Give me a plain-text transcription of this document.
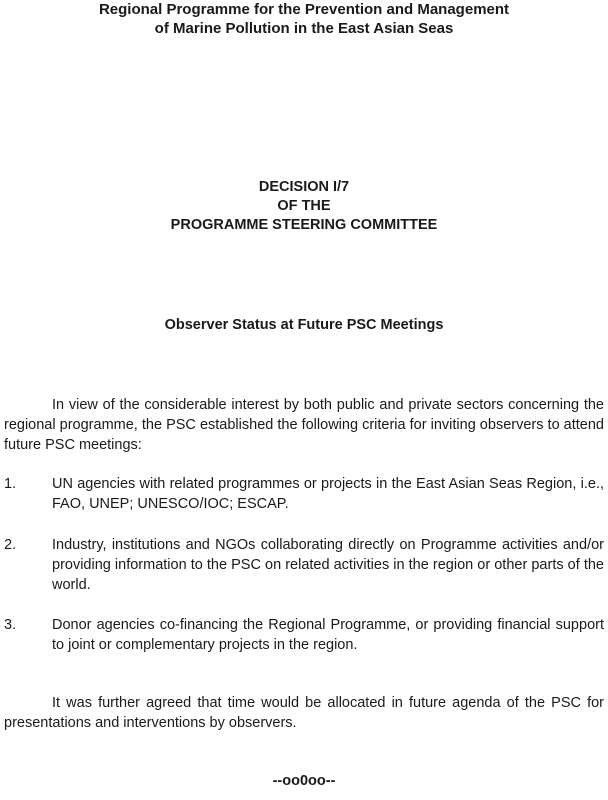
Regional Programme for the Prevention and Management
of Marine Pollution in the East Asian Seas
DECISION I/7
OF THE
PROGRAMME STEERING COMMITTEE
Observer Status at Future PSC Meetings

In view of the considerable interest by both public and private sectors concerning the regional programme, the PSC established the following criteria for inviting observers to attend future PSC meetings:

1.	UN agencies with related programmes or projects in the East Asian Seas Region, i.e., FAO, UNEP; UNESCO/IOC; ESCAP.

2.	Industry, institutions and NGOs collaborating directly on Programme activities and/or providing information to the PSC on related activities in the region or other parts of the world.

3.	Donor agencies co-financing the Regional Programme, or providing financial support to joint or complementary projects in the region.

It was further agreed that time would be allocated in future agenda of the PSC for presentations and interventions by observers.

--oo0oo--
